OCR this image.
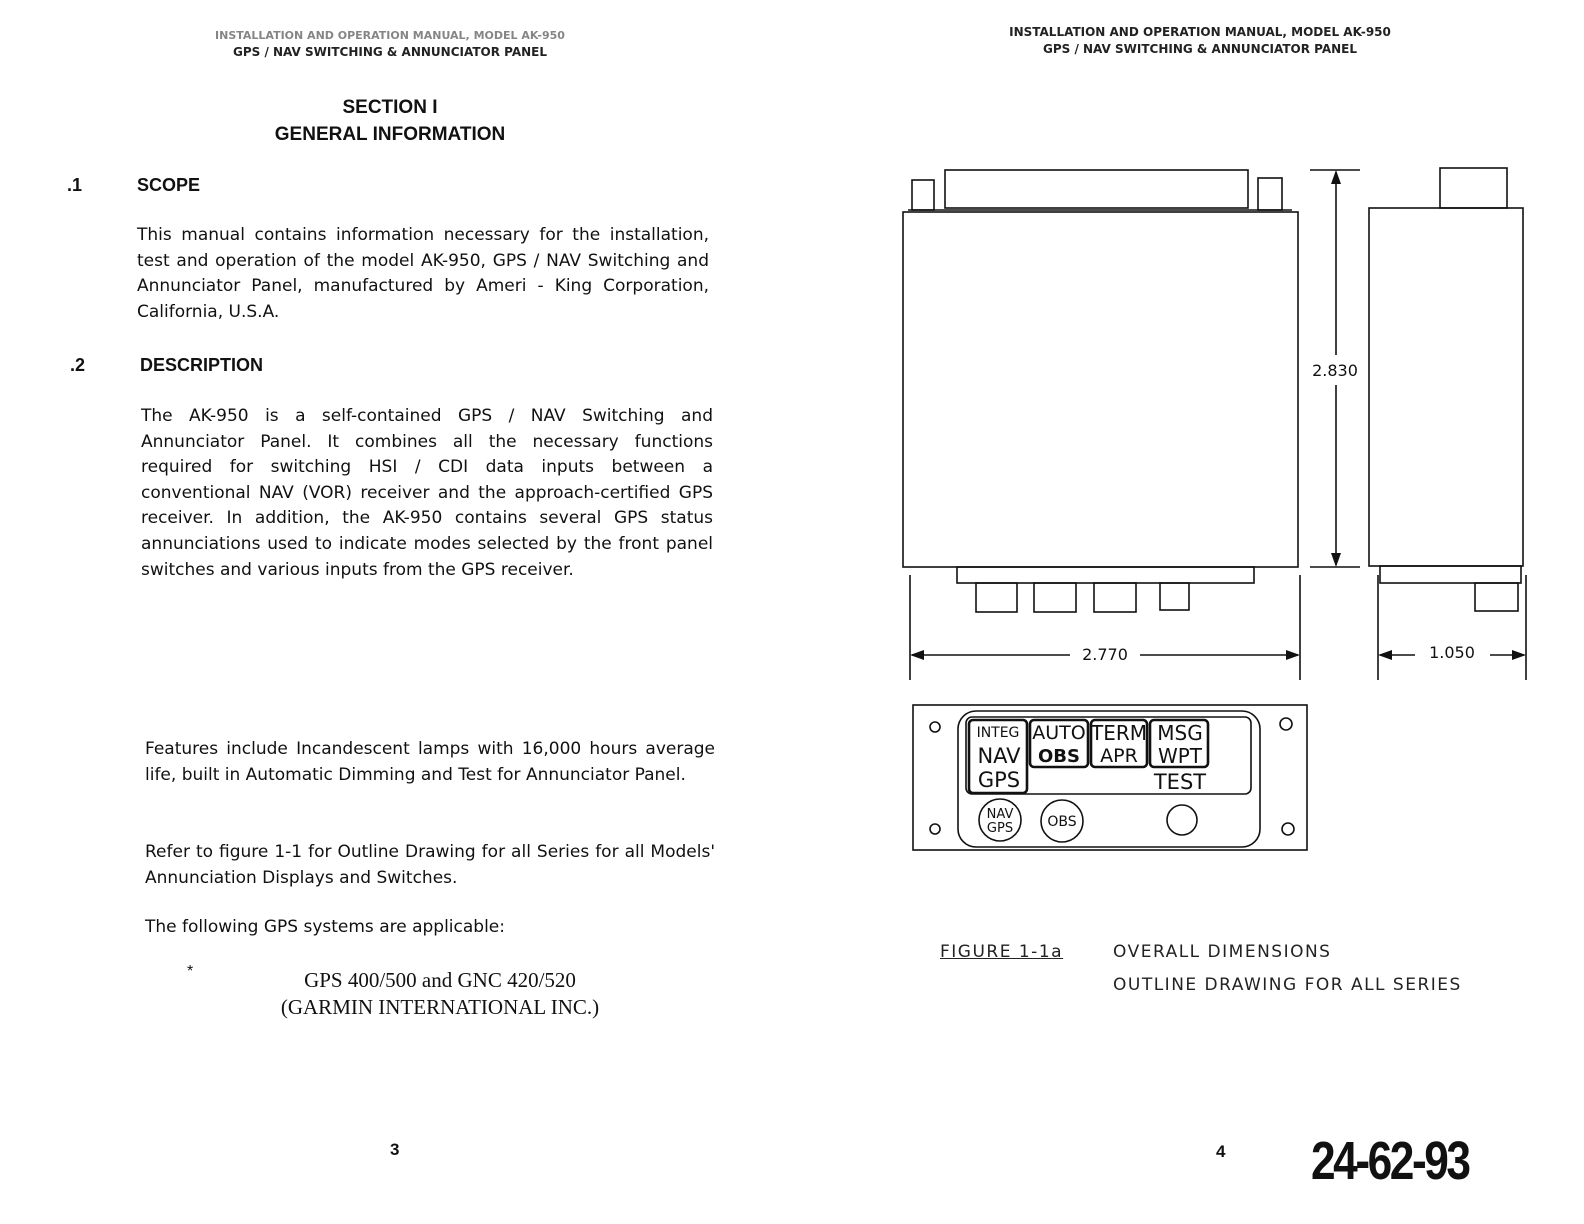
INSTALLATION AND OPERATION MANUAL, MODEL AK-950
GPS / NAV SWITCHING & ANNUNCIATOR PANEL
SECTION I
GENERAL INFORMATION
.1	SCOPE
This manual contains information necessary for the installation, test and operation of the model AK-950, GPS / NAV Switching and Annunciator Panel, manufactured by Ameri - King Corporation, California, U.S.A.
.2	DESCRIPTION
The AK-950 is a self-contained GPS / NAV Switching and Annunciator Panel. It combines all the necessary functions required for switching HSI / CDI data inputs between a conventional NAV (VOR) receiver and the approach-certified GPS receiver. In addition, the AK-950 contains several GPS status annunciations used to indicate modes selected by the front panel switches and various inputs from the GPS receiver.
Features include Incandescent lamps with 16,000 hours average life, built in Automatic Dimming and Test for Annunciator Panel.
Refer to figure 1-1 for Outline Drawing for all Series for all Models' Annunciation Displays and Switches.
The following GPS systems are applicable:
*	GPS 400/500 and GNC 420/520
(GARMIN INTERNATIONAL INC.)
3
INSTALLATION AND OPERATION MANUAL, MODEL AK-950
GPS / NAV SWITCHING & ANNUNCIATOR PANEL
2.830
2.770	1.050
INTEG AUTO TERM MSG
NAV OBS APR WPT
GPS	TEST
NAV
GPS OBS
FIGURE 1-1a	OVERALL DIMENSIONS
OUTLINE DRAWING FOR ALL SERIES
4 24-62-93
